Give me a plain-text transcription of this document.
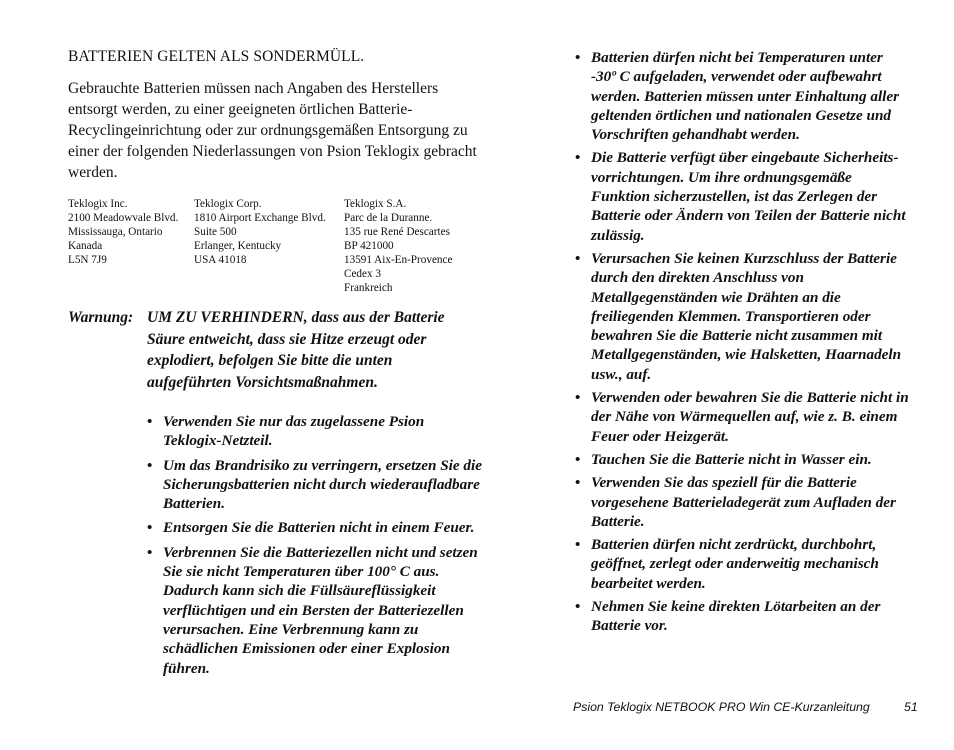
BATTERIEN GELTEN ALS SONDERMÜLL.

Gebrauchte Batterien müssen nach Angaben des Herstellers entsorgt werden, zu einer geeigneten örtlichen Batterie-Recyclingeinrichtung oder zur ordnungsgemäßen Entsorgung zu einer der folgenden Niederlassungen von Psion Teklogix gebracht werden.

Teklogix Inc.
2100 Meadowvale Blvd.
Mississauga, Ontario
Kanada
L5N 7J9
Teklogix Corp.
1810 Airport Exchange Blvd.
Suite 500
Erlanger, Kentucky
USA 41018
Teklogix S.A.
Parc de la Duranne.
135 rue René Descartes
BP 421000
13591 Aix-En-Provence
Cedex 3
Frankreich
Warnung: UM ZU VERHINDERN, dass aus der Batterie Säure entweicht, dass sie Hitze erzeugt oder explodiert, befolgen Sie bitte die unten aufgeführten Vorsichtsmaßnahmen.
• Verwenden Sie nur das zugelassene Psion Teklogix-Netzteil.
• Um das Brandrisiko zu verringern, ersetzen Sie die Sicherungsbatterien nicht durch wiederaufladbare Batterien.
• Entsorgen Sie die Batterien nicht in einem Feuer.
• Verbrennen Sie die Batteriezellen nicht und setzen Sie sie nicht Temperaturen über 100° C aus. Dadurch kann sich die Füllsäureflüssigkeit verflüchtigen und ein Bersten der Batteriezellen verursachen. Eine Verbrennung kann zu schädlichen Emissionen oder einer Explosion führen.
• Batterien dürfen nicht bei Temperaturen unter -30º C aufgeladen, verwendet oder aufbewahrt werden. Batterien müssen unter Einhaltung aller geltenden örtlichen und nationalen Gesetze und Vorschriften gehandhabt werden.
• Die Batterie verfügt über eingebaute Sicherheits- vorrichtungen. Um ihre ordnungsgemäße Funktion sicherzustellen, ist das Zerlegen der Batterie oder Ändern von Teilen der Batterie nicht zulässig.
• Verursachen Sie keinen Kurzschluss der Batterie durch den direkten Anschluss von Metallgegenständen wie Drähten an die freiliegenden Klemmen. Transportieren oder bewahren Sie die Batterie nicht zusammen mit Metallgegenständen, wie Halsketten, Haarnadeln usw., auf.
• Verwenden oder bewahren Sie die Batterie nicht in der Nähe von Wärmequellen auf, wie z. B. einem Feuer oder Heizgerät.
• Tauchen Sie die Batterie nicht in Wasser ein.
• Verwenden Sie das speziell für die Batterie vorgesehene Batterieladegerät zum Aufladen der Batterie.
• Batterien dürfen nicht zerdrückt, durchbohrt, geöffnet, zerlegt oder anderweitig mechanisch bearbeitet werden.
• Nehmen Sie keine direkten Lötarbeiten an der Batterie vor.
Psion Teklogix NETBOOK PRO Win CE-Kurzanleitung	51
